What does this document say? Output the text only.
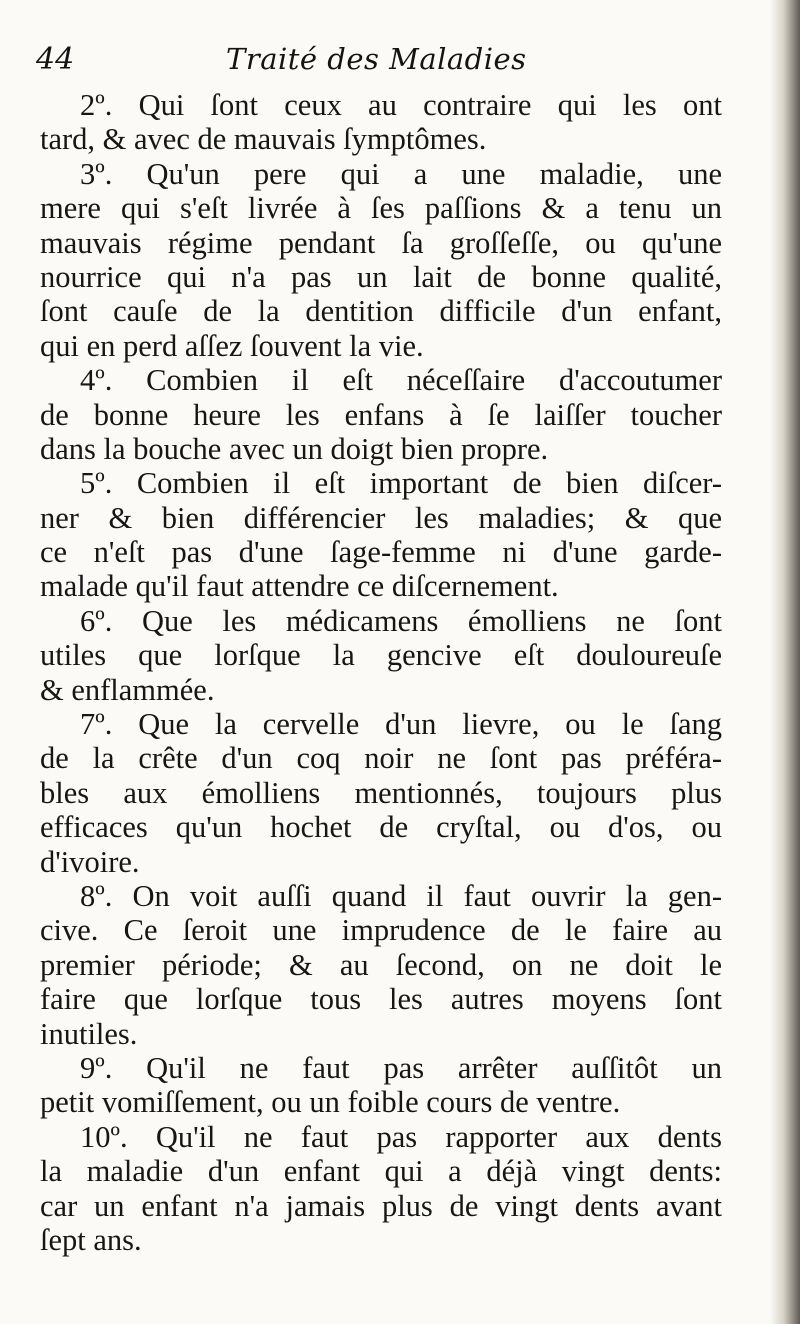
44	Traité des Maladies
2º. Qui ſont ceux au contraire qui les ont
tard, & avec de mauvais ſymptômes.
3º. Qu'un pere qui a une maladie, une
mere qui s'eſt livrée à ſes paſſions & a tenu un
mauvais régime pendant ſa groſſeſſe, ou qu'une
nourrice qui n'a pas un lait de bonne qualité,
ſont cauſe de la dentition difficile d'un enfant,
qui en perd aſſez ſouvent la vie.
4º. Combien il eſt néceſſaire d'accoutumer
de bonne heure les enfans à ſe laiſſer toucher
dans la bouche avec un doigt bien propre.
5º. Combien il eſt important de bien diſcer-
ner & bien différencier les maladies; & que
ce n'eſt pas d'une ſage-femme ni d'une garde-
malade qu'il faut attendre ce diſcernement.
6º. Que les médicamens émolliens ne ſont
utiles que lorſque la gencive eſt douloureuſe
& enflammée.
7º. Que la cervelle d'un lievre, ou le ſang
de la crête d'un coq noir ne ſont pas préféra-
bles aux émolliens mentionnés, toujours plus
efficaces qu'un hochet de cryſtal, ou d'os, ou
d'ivoire.
8º. On voit auſſi quand il faut ouvrir la gen-
cive. Ce ſeroit une imprudence de le faire au
premier période; & au ſecond, on ne doit le
faire que lorſque tous les autres moyens ſont
inutiles.
9º. Qu'il ne faut pas arrêter auſſitôt un
petit vomiſſement, ou un foible cours de ventre.
10º. Qu'il ne faut pas rapporter aux dents
la maladie d'un enfant qui a déjà vingt dents:
car un enfant n'a jamais plus de vingt dents avant
ſept ans.
